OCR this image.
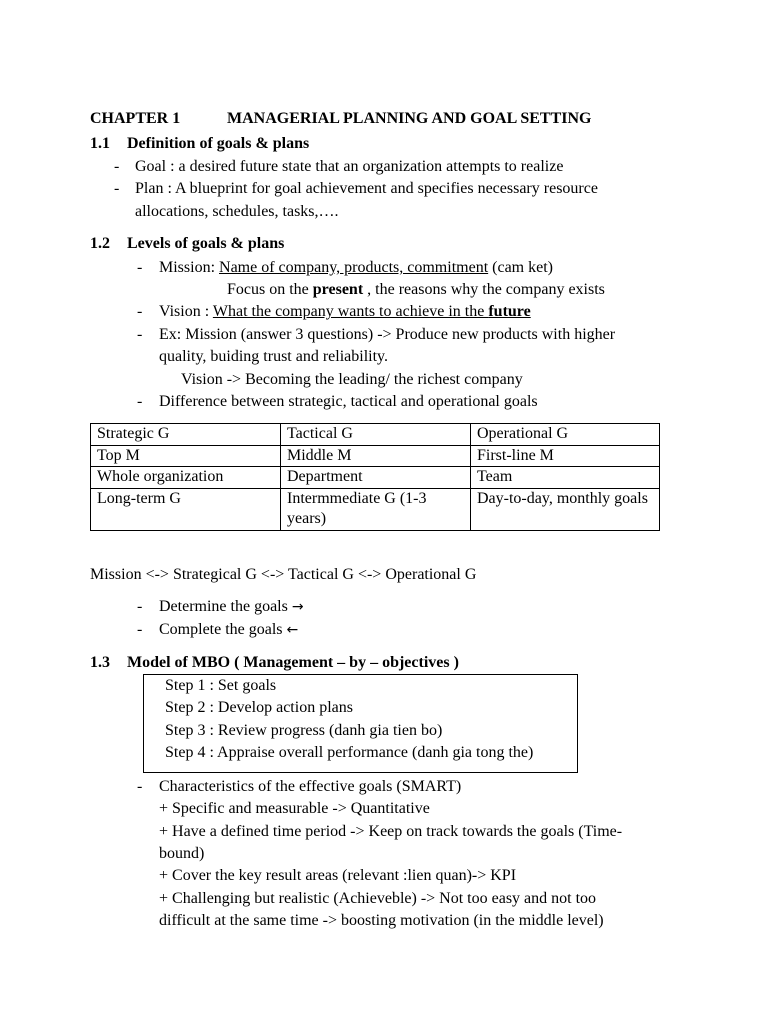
CHAPTER 1	MANAGERIAL PLANNING AND GOAL SETTING
1.1 Definition of goals & plans
- Goal : a desired future state that an organization attempts to realize
- Plan : A blueprint for goal achievement and specifies necessary resource
allocations, schedules, tasks,….
1.2 Levels of goals & plans
- Mission: Name of company, products, commitment (cam ket)
Focus on the present , the reasons why the company exists
- Vision : What the company wants to achieve in the future
- Ex: Mission (answer 3 questions) -> Produce new products with higher
quality, buiding trust and reliability.
Vision -> Becoming the leading/ the richest company
- Difference between strategic, tactical and operational goals
Strategic G	Tactical G	Operational G
Top M	Middle M	First-line M
Whole organization	Department	Team
Long-term G	Intermmediate G (1-3 years)	Day-to-day, monthly goals
Mission <-> Strategical G <-> Tactical G <-> Operational G
- Determine the goals →
- Complete the goals ←
1.3 Model of MBO ( Management – by – objectives )
Step 1 : Set goals
Step 2 : Develop action plans
Step 3 : Review progress (danh gia tien bo)
Step 4 : Appraise overall performance (danh gia tong the)
- Characteristics of the effective goals (SMART)
+ Specific and measurable -> Quantitative
+ Have a defined time period -> Keep on track towards the goals (Time-
bound)
+ Cover the key result areas (relevant :lien quan)-> KPI
+ Challenging but realistic (Achieveble) -> Not too easy and not too
difficult at the same time -> boosting motivation (in the middle level)
